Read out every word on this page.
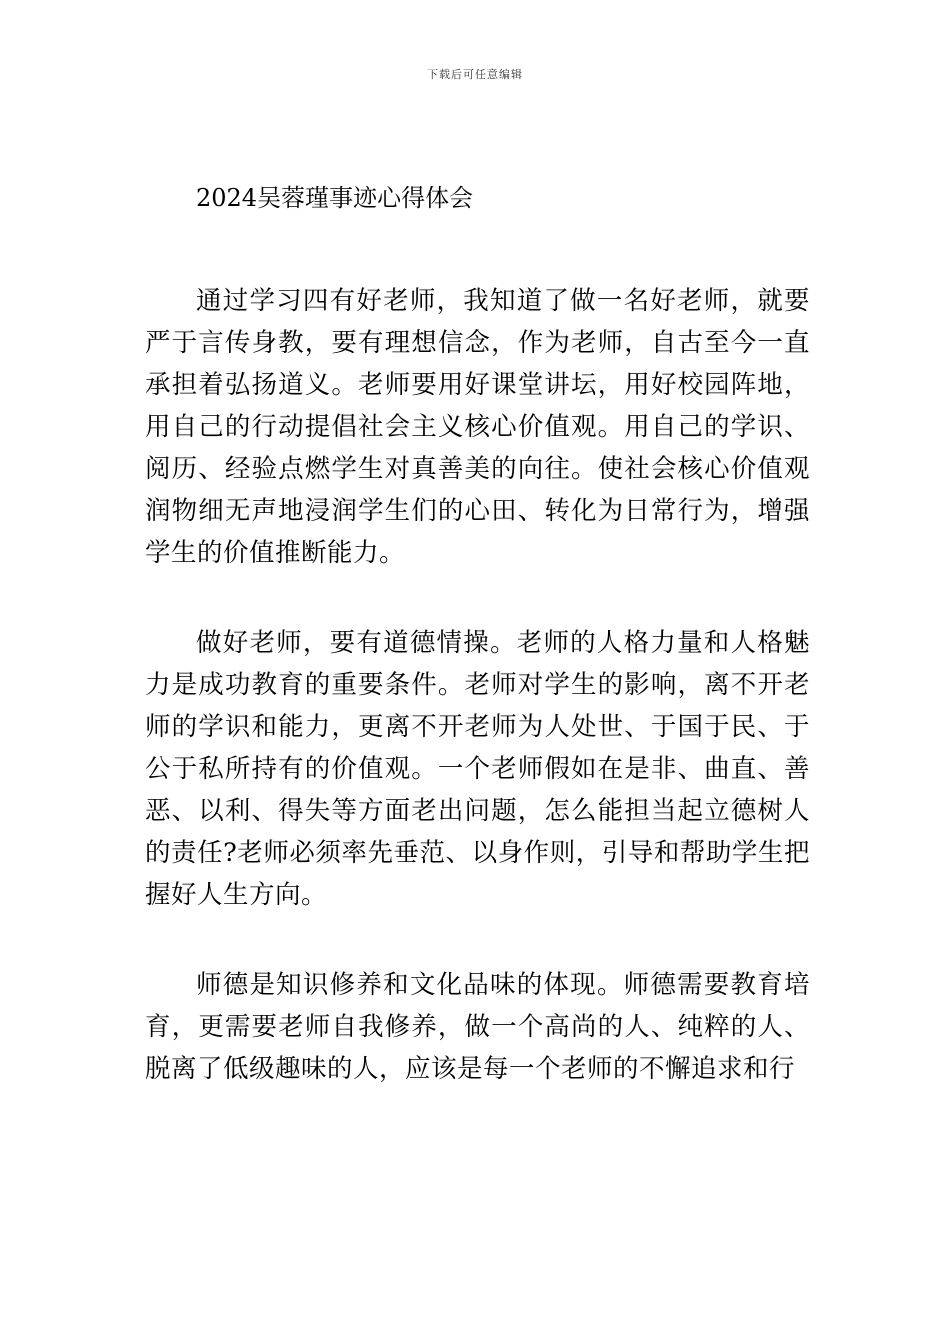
下载后可任意编辑
2024吴蓉瑾事迹心得体会

通过学习四有好老师，我知道了做一名好老师，就要严于言传身教，要有理想信念，作为老师，自古至今一直承担着弘扬道义。老师要用好课堂讲坛，用好校园阵地，用自己的行动提倡社会主义核心价值观。用自己的学识、阅历、经验点燃学生对真善美的向往。使社会核心价值观润物细无声地浸润学生们的心田、转化为日常行为，增强学生的价值推断能力。

做好老师，要有道德情操。老师的人格力量和人格魅力是成功教育的重要条件。老师对学生的影响，离不开老师的学识和能力，更离不开老师为人处世、于国于民、于公于私所持有的价值观。一个老师假如在是非、曲直、善恶、以利、得失等方面老出问题，怎么能担当起立德树人的责任?老师必须率先垂范、以身作则，引导和帮助学生把握好人生方向。

师德是知识修养和文化品味的体现。师德需要教育培育，更需要老师自我修养，做一个高尚的人、纯粹的人、脱离了低级趣味的人，应该是每一个老师的不懈追求和行
